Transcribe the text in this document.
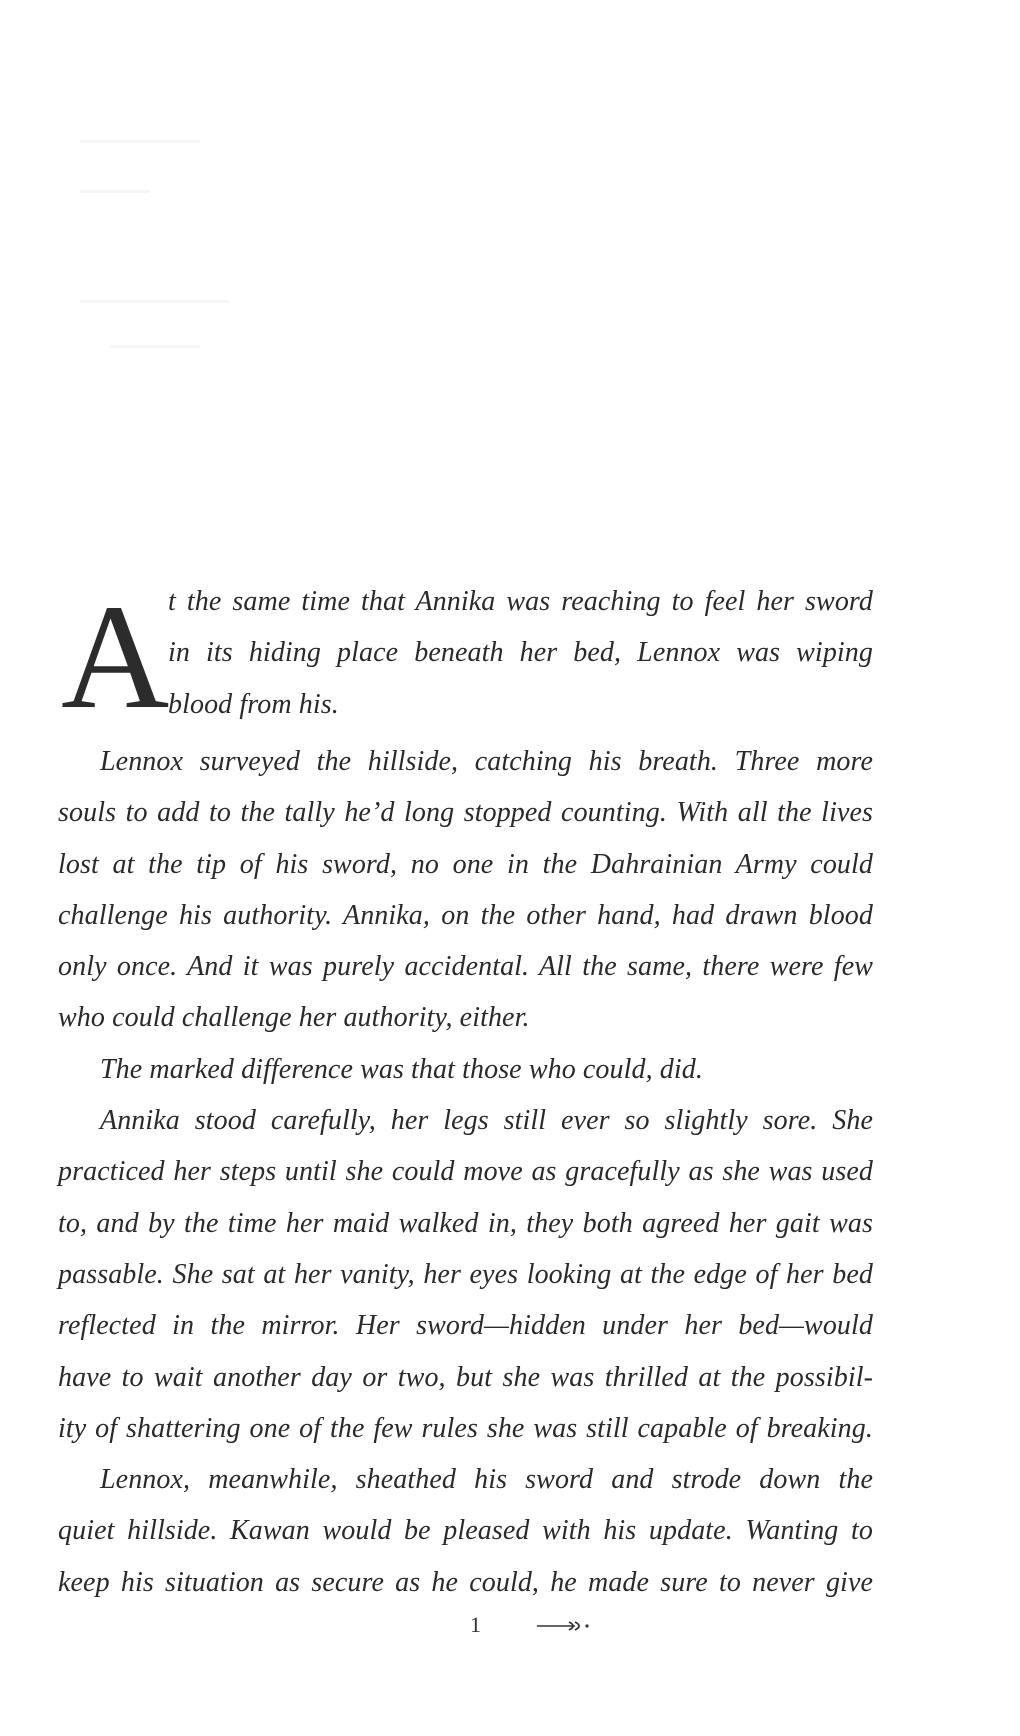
A

t the same time that Annika was reaching to feel her sword

in its hiding place beneath her bed, Lennox was wiping

blood from his.

Lennox surveyed the hillside, catching his breath. Three more

souls to add to the tally he’d long stopped counting. With all the lives

lost at the tip of his sword, no one in the Dahrainian Army could

challenge his authority. Annika, on the other hand, had drawn blood

only once. And it was purely accidental. All the same, there were few

who could challenge her authority, either.

The marked difference was that those who could, did.

Annika stood carefully, her legs still ever so slightly sore. She

practiced her steps until she could move as gracefully as she was used

to, and by the time her maid walked in, they both agreed her gait was

passable. She sat at her vanity, her eyes looking at the edge of her bed

reflected in the mirror. Her sword—hidden under her bed—would

have to wait another day or two, but she was thrilled at the possibil-

ity of shattering one of the few rules she was still capable of breaking.

Lennox, meanwhile, sheathed his sword and strode down the

quiet hillside. Kawan would be pleased with his update. Wanting to

keep his situation as secure as he could, he made sure to never give

1
